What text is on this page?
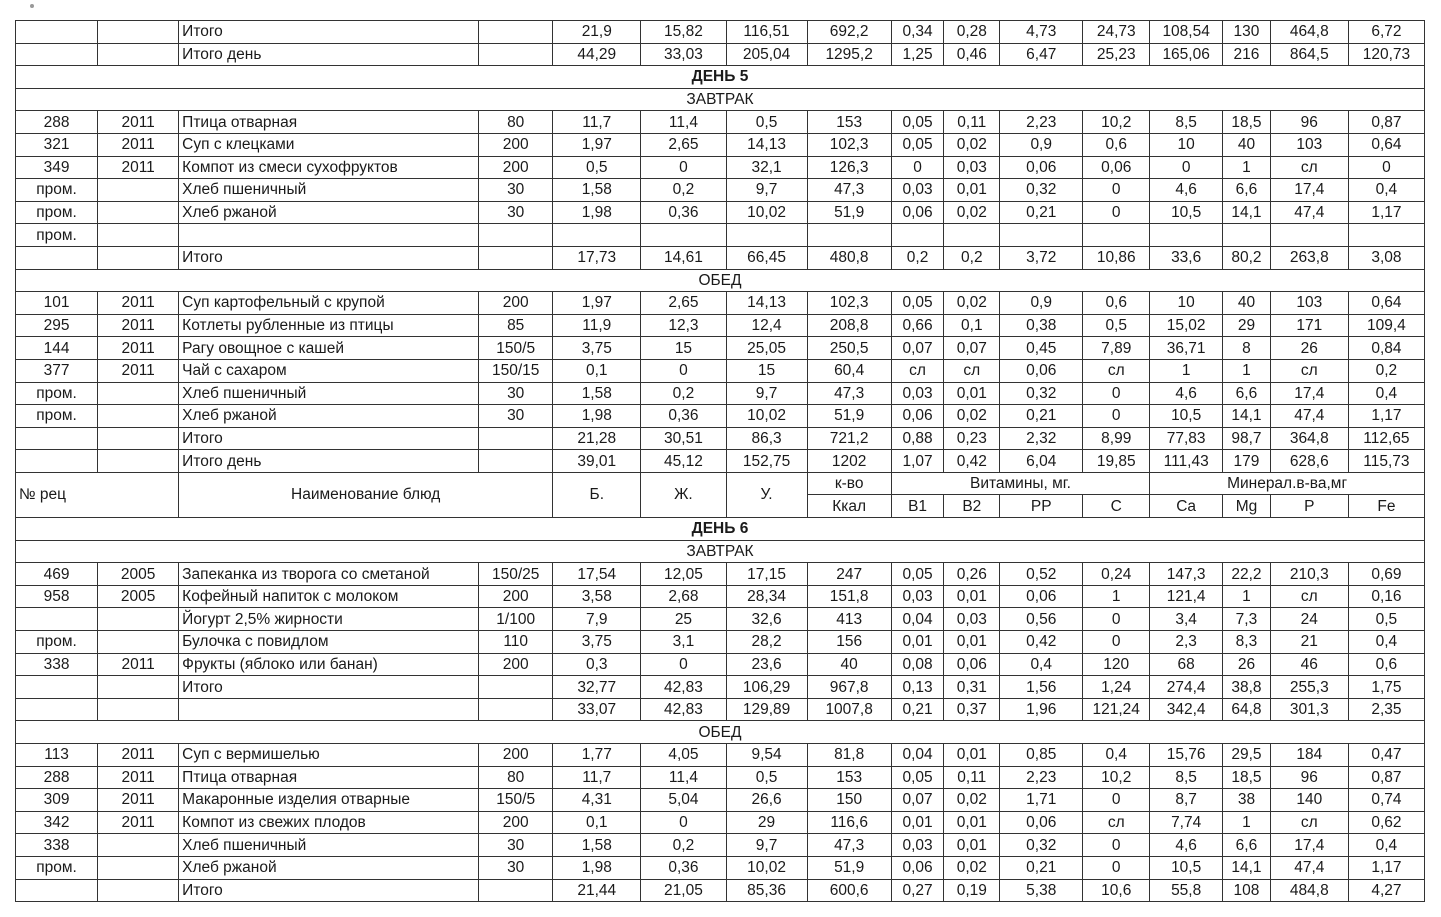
		Итого		21,9	15,82	116,51	692,2	0,34	0,28	4,73	24,73	108,54	130	464,8	6,72
		Итого день		44,29	33,03	205,04	1295,2	1,25	0,46	6,47	25,23	165,06	216	864,5	120,73
ДЕНЬ 5															
ЗАВТРАК															
288	2011	Птица отварная	80	11,7	11,4	0,5	153	0,05	0,11	2,23	10,2	8,5	18,5	96	0,87
321	2011	Суп с клецками	200	1,97	2,65	14,13	102,3	0,05	0,02	0,9	0,6	10	40	103	0,64
349	2011	Компот из смеси сухофруктов	200	0,5	0	32,1	126,3	0	0,03	0,06	0,06	0	1	сл	0
пром.		Хлеб пшеничный	30	1,58	0,2	9,7	47,3	0,03	0,01	0,32	0	4,6	6,6	17,4	0,4
пром.		Хлеб ржаной	30	1,98	0,36	10,02	51,9	0,06	0,02	0,21	0	10,5	14,1	47,4	1,17
пром.															
		Итого		17,73	14,61	66,45	480,8	0,2	0,2	3,72	10,86	33,6	80,2	263,8	3,08
ОБЕД															
101	2011	Суп картофельный с крупой	200	1,97	2,65	14,13	102,3	0,05	0,02	0,9	0,6	10	40	103	0,64
295	2011	Котлеты рубленные из птицы	85	11,9	12,3	12,4	208,8	0,66	0,1	0,38	0,5	15,02	29	171	109,4
144	2011	Рагу овощное с кашей	150/5	3,75	15	25,05	250,5	0,07	0,07	0,45	7,89	36,71	8	26	0,84
377	2011	Чай с сахаром	150/15	0,1	0	15	60,4	сл	сл	0,06	сл	1	1	сл	0,2
пром.		Хлеб пшеничный	30	1,58	0,2	9,7	47,3	0,03	0,01	0,32	0	4,6	6,6	17,4	0,4
пром.		Хлеб ржаной	30	1,98	0,36	10,02	51,9	0,06	0,02	0,21	0	10,5	14,1	47,4	1,17
		Итого		21,28	30,51	86,3	721,2	0,88	0,23	2,32	8,99	77,83	98,7	364,8	112,65
		Итого день		39,01	45,12	152,75	1202	1,07	0,42	6,04	19,85	111,43	179	628,6	115,73
№ рец		Наименование блюд		Б.	Ж.	У.	к-во	Витамины, мг.				Минерал.в-ва,мг			
							Ккал	B1	B2	PP	C	Ca	Mg	P	Fe
ДЕНЬ 6															
ЗАВТРАК															
469	2005	Запеканка из творога со сметаной	150/25	17,54	12,05	17,15	247	0,05	0,26	0,52	0,24	147,3	22,2	210,3	0,69
958	2005	Кофейный напиток с молоком	200	3,58	2,68	28,34	151,8	0,03	0,01	0,06	1	121,4	1	сл	0,16
		Йогурт 2,5% жирности	1/100	7,9	25	32,6	413	0,04	0,03	0,56	0	3,4	7,3	24	0,5
пром.		Булочка с повидлом	110	3,75	3,1	28,2	156	0,01	0,01	0,42	0	2,3	8,3	21	0,4
338	2011	Фрукты (яблоко или банан)	200	0,3	0	23,6	40	0,08	0,06	0,4	120	68	26	46	0,6
		Итого		32,77	42,83	106,29	967,8	0,13	0,31	1,56	1,24	274,4	38,8	255,3	1,75
				33,07	42,83	129,89	1007,8	0,21	0,37	1,96	121,24	342,4	64,8	301,3	2,35
ОБЕД															
113	2011	Суп с вермишелью	200	1,77	4,05	9,54	81,8	0,04	0,01	0,85	0,4	15,76	29,5	184	0,47
288	2011	Птица отварная	80	11,7	11,4	0,5	153	0,05	0,11	2,23	10,2	8,5	18,5	96	0,87
309	2011	Макаронные изделия отварные	150/5	4,31	5,04	26,6	150	0,07	0,02	1,71	0	8,7	38	140	0,74
342	2011	Компот из свежих плодов	200	0,1	0	29	116,6	0,01	0,01	0,06	сл	7,74	1	сл	0,62
338		Хлеб пшеничный	30	1,58	0,2	9,7	47,3	0,03	0,01	0,32	0	4,6	6,6	17,4	0,4
пром.		Хлеб ржаной	30	1,98	0,36	10,02	51,9	0,06	0,02	0,21	0	10,5	14,1	47,4	1,17
		Итого		21,44	21,05	85,36	600,6	0,27	0,19	5,38	10,6	55,8	108	484,8	4,27
